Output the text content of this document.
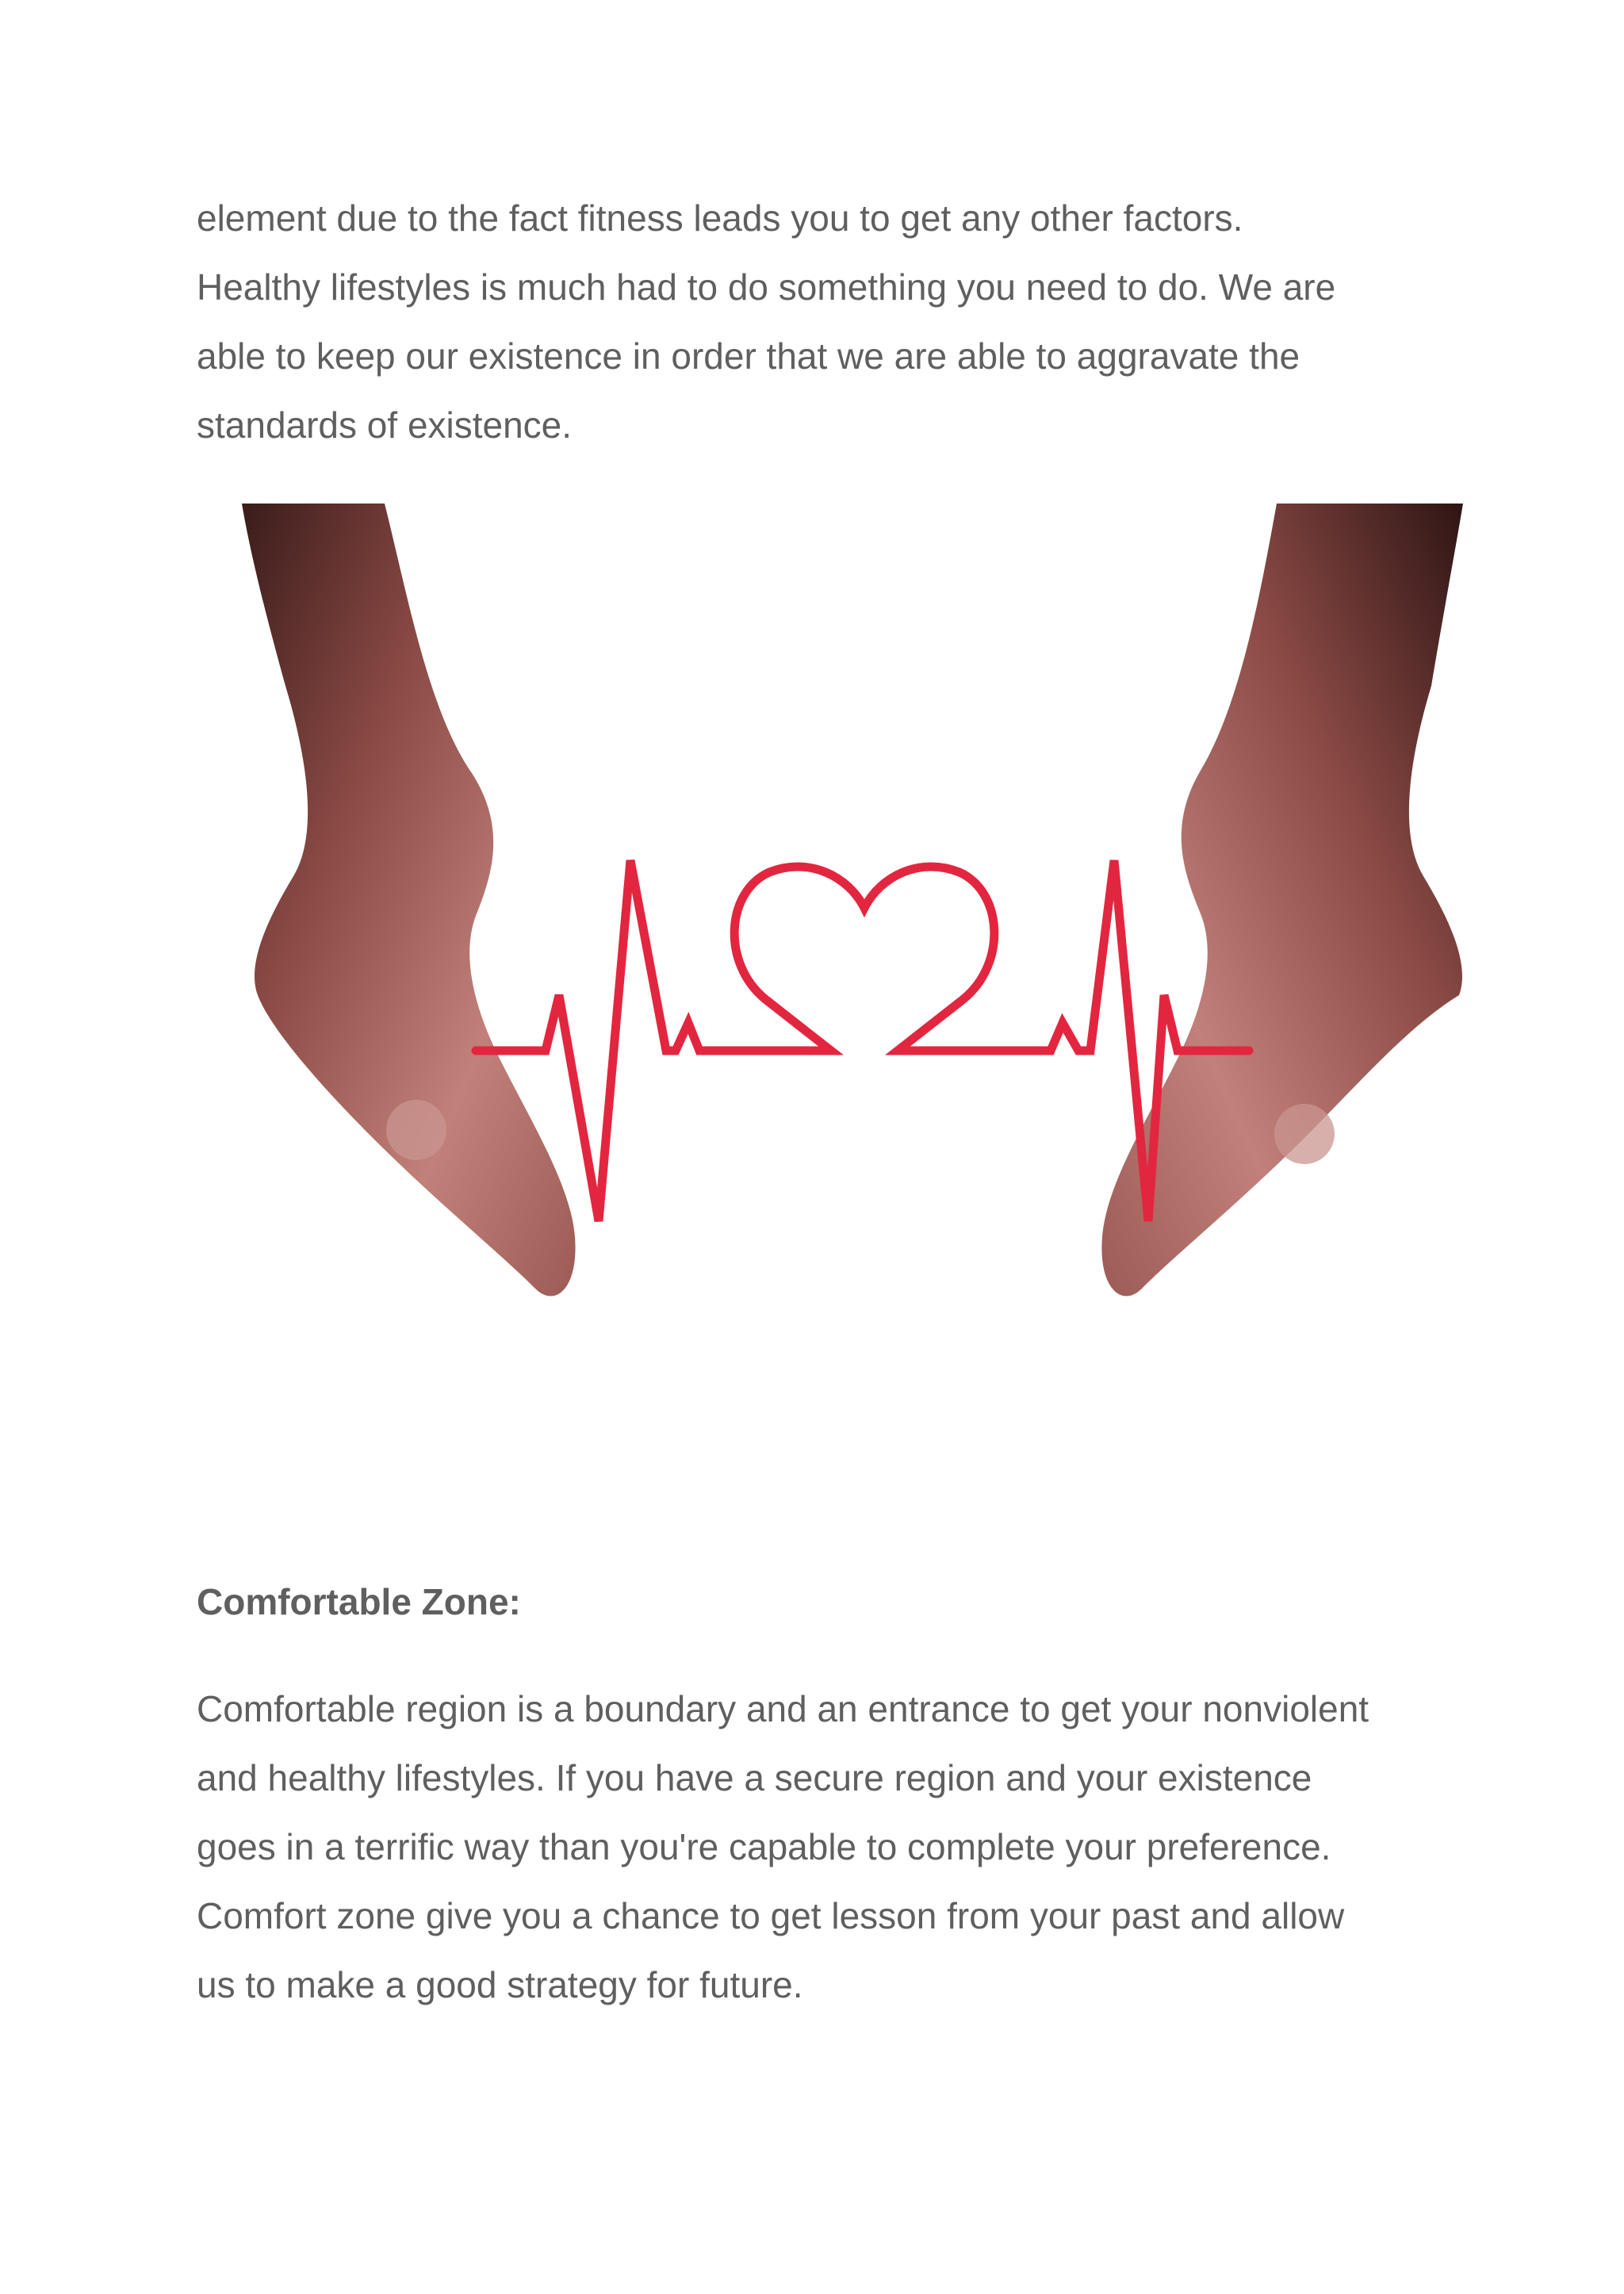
element due to the fact fitness leads you to get any other factors.
Healthy lifestyles is much had to do something you need to do. We are
able to keep our existence in order that we are able to aggravate the
standards of existence.

Comfortable Zone:

Comfortable region is a boundary and an entrance to get your nonviolent
and healthy lifestyles. If you have a secure region and your existence
goes in a terrific way than you're capable to complete your preference.
Comfort zone give you a chance to get lesson from your past and allow
us to make a good strategy for future.
